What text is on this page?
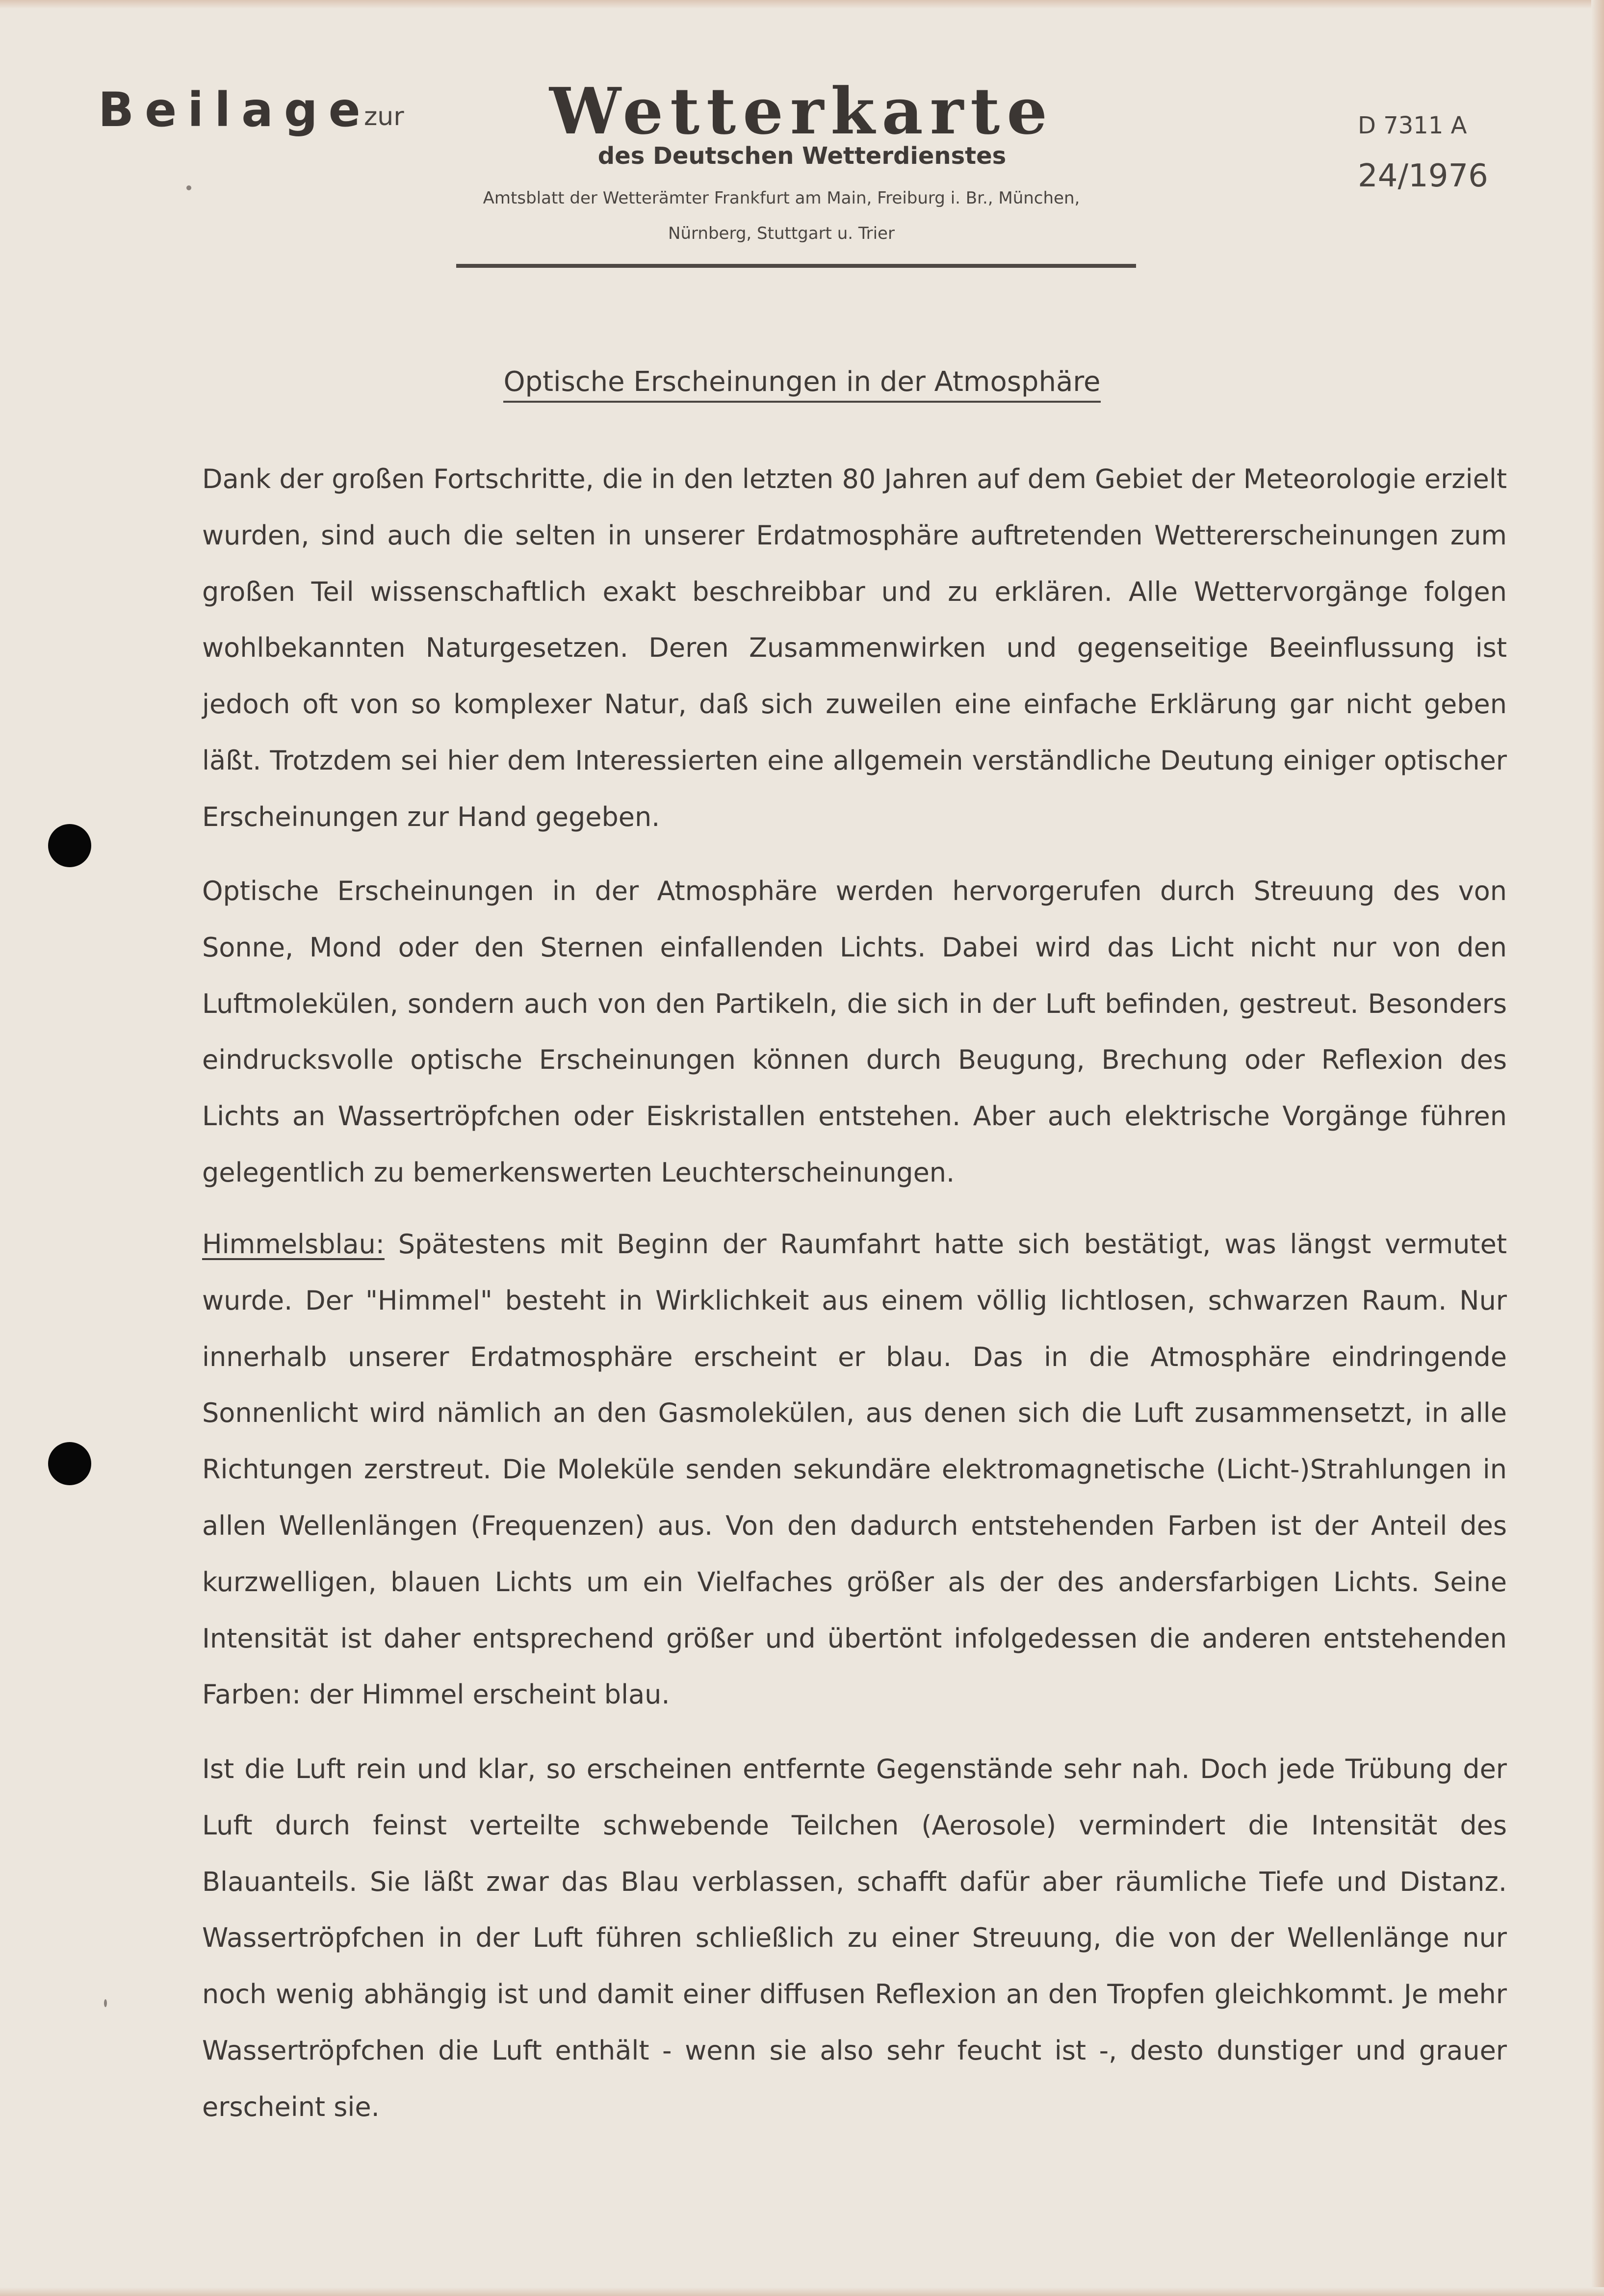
Beilage
zur Wetterkarte
des Deutschen Wetterdienstes
Amtsblatt der Wetterämter Frankfurt am Main, Freiburg i. Br., München,
Nürnberg, Stuttgart u. Trier
D 7311 A
24/1976
Optische Erscheinungen in der Atmosphäre

Dank der großen Fortschritte, die in den letzten 80 Jahren auf dem Gebiet der Meteorologie erzielt wurden, sind auch die selten in unserer Erdatmosphäre auftretenden Wettererscheinungen zum großen Teil wissenschaftlich exakt beschreibbar und zu erklären. Alle Wettervorgänge folgen wohlbekannten Naturgesetzen. Deren Zusammenwirken und gegenseitige Beeinflussung ist jedoch oft von so komplexer Natur, daß sich zuweilen eine einfache Erklärung gar nicht geben läßt. Trotzdem sei hier dem Interessierten eine allgemein verständliche Deutung einiger optischer Erscheinungen zur Hand gegeben.

Optische Erscheinungen in der Atmosphäre werden hervorgerufen durch Streuung des von Sonne, Mond oder den Sternen einfallenden Lichts. Dabei wird das Licht nicht nur von den Luftmolekülen, sondern auch von den Partikeln, die sich in der Luft befinden, gestreut. Besonders eindrucksvolle optische Erscheinungen können durch Beugung, Brechung oder Reflexion des Lichts an Wassertröpfchen oder Eiskristallen entstehen. Aber auch elektrische Vorgänge führen gelegentlich zu bemerkenswerten Leuchterscheinungen.

Himmelsblau: Spätestens mit Beginn der Raumfahrt hatte sich bestätigt, was längst vermutet wurde. Der "Himmel" besteht in Wirklichkeit aus einem völlig lichtlosen, schwarzen Raum. Nur innerhalb unserer Erdatmosphäre erscheint er blau. Das in die Atmosphäre eindringende Sonnenlicht wird nämlich an den Gasmolekülen, aus denen sich die Luft zusammensetzt, in alle Richtungen zerstreut. Die Moleküle senden sekundäre elektromagnetische (Licht-)Strahlungen in allen Wellenlängen (Frequenzen) aus. Von den dadurch entstehenden Farben ist der Anteil des kurzwelligen, blauen Lichts um ein Vielfaches größer als der des andersfarbigen Lichts. Seine Intensität ist daher entsprechend größer und übertönt infolgedessen die anderen entstehenden Farben: der Himmel erscheint blau.

Ist die Luft rein und klar, so erscheinen entfernte Gegenstände sehr nah. Doch jede Trübung der Luft durch feinst verteilte schwebende Teilchen (Aerosole) vermindert die Intensität des Blauanteils. Sie läßt zwar das Blau verblassen, schafft dafür aber räumliche Tiefe und Distanz. Wassertröpfchen in der Luft führen schließlich zu einer Streuung, die von der Wellenlänge nur noch wenig abhängig ist und damit einer diffusen Reflexion an den Tropfen gleichkommt. Je mehr Wassertröpfchen die Luft enthält - wenn sie also sehr feucht ist -, desto dunstiger und grauer erscheint sie.
